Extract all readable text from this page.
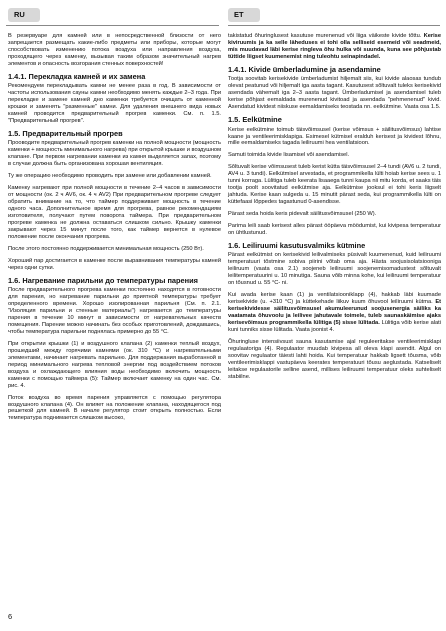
RU	ET

В резервуаре для камней или в непосредственной близости от него запрещается размещать какие-либо предметы или приборы, которые могут способствовать изменению потока воздуха или направления воздуха, проходящего через каменку, вызывая таким образом значительный нагрев элементов и опасность возгорания стенных поверхностей!

1.4.1. Перекладка камней и их замена

Рекомендуем перекладывать камни не менее раза в год. В зависимости от частоты использования сауны камни необходимо менять каждые 2–3 года. При перекладке и замене камней дно каменки требуется очищать от каменной крошки и заменять "разменные" камни. Для удаления внешнего вида новых камней проводится предварительный прогрев каменки. См. п. 1.5. "Предварительный прогрев".

1.5. Предварительный прогрев

Прооводите предварительный прогрев каменки на полной мощности (мощность каменки + мощность минимального нагрева) при открытой крышке и воздушном клапане. При первом нагревании каменки из камня выделяется запах, поэтому в случае должна быть организована хорошая вентиляция.

Ту же операцию необходимо проводить при замене или добавлении камней.

Каменку нагревают при полной мощности в течение 2–4 часов в зависимости от мощности (ок. 2 ч AV6, ок. 4 ч AV2) При предварительном прогреве следует обратить внимание на то, что таймер поддерживает мощность в течение одного часа. Дополнительное время для прогрева, равное рекомендациям изготовителя, получают путем поворота таймера. При предварительном прогреве каменка не должна оставаться слишком сильно. Крышку каменки закрывают через 15 минут после того, как таймер вернется в нулевое положение после окончания прогрева.

После этого постоянно поддерживается минимальная мощность (250 Вт).

Хороший пар достигается в каменке после выравнивания температуры камней через одни сутки.

1.6. Нагревание парильни до температуры парения

После предварительного прогрева каменки постоянно находятся в готовности для парения, но нагревание парильни до приятной температуры требует определенного времени. Хорошо изолированная парильня (См. п. 2.1. "Изоляция парильни и стенные материалы") нагревается до температуры парения в течение 10 минут в зависимости от нагревательных качеств помещения. Парение можно начинать без особых приготовлений, дождавшись, чтобы температура парильни поднялась примерно до 55 °C.

При открытии крышки (1) и воздушного клапана (2) каменки теплый воздух, прошедший между горячими камнями (ок. 310 °C) и нагревательными элементами, начинает нагревать парильню. Для поддержания выработанной в период минимального нагрева тепловой энергии под воздействием потоков воздуха и охлаждающего влияния воды необходимо включить мощность каменки с помощью таймера (5): Таймер включает каменку на один час. См. рис. 4.

Поток воздуха во время парения управляется с помощью регулятора воздушного клапана (4). Он влияет на положение клапана, находящегося под решеткой для камней. В начале регулятор стоит открыть полностью. Если температура поднимается слишком высоко,

takistatud õhuringlusest kasutuse murenenud või liiga väikeste kivide tõttu. Kerise kiviruumis ja ka selle läheduses ei tohi olla selliseid esemeid või seadmeid, mis muudavad läbi kerise ringleva õhu hulka või suunda, kuna see põhjustab tüttide liigset kuumenemist ning tuleohtu seinapindadel.

1.4.1. Kivide ümberladumine ja asendamine

Tootja soovitab kerisekivide ümberladumist hiljemalt siis, kui kivide alaosas tundub olevat peatunud või hiljemalt iga aasta tagant. Kasutusest sõltuvalt tuleks kerisekivid asendada vähemalt iga 2–3 aasta tagant. Ümberladumisel ja asendamisel tuleb kerise põhjast eemaldada murenenud kivitoad ja asendada "pehmenenud" kivid. Asendatud kividest niiskuse eemaldamiseks teostada nn. eelkütmine. Vaata osa 1.5.

1.5. Eelkütmine

Kerise eelkütmine toimub täisvõimsusel (kerise võimsus + säilitusvõimsus) lahtise kaane ja ventileerimisklapiga. Esimesel kütmisel eralduh kerisest ja kividest lõhnu, mille eemaldamiseks tagada leiliruumi hea ventilatsioon.

Samuti toimida kivide lisamisel või asendamisel.

Sõltuvalt kerise võimsusest tuleb kerist kütta täisvõimsusel 2–4 tundi (AV6 u. 2 tundi, AV4 u. 3 tundi). Eelkütmisel arvestada, et programmikella lülti hoiab kerise sees u. 1 tunni korraga. Lülitiga tuleb keerata lisaaega tunni kaupa nii mitu korda, et saaks täis tootja poolt soovitatud eelkütmise aja. Eelkütmise jooksul ei tohi keris liigselt jahtuda. Kerise kaan sulgeda u. 15 minutit pärast seda, kui programmikella lülti on küttefaasi lõppedes tagastunud 0-asendisse.

Pärast seda hoida keris pidevalt säilitusvõimsusel (250 W).

Parima leili saab kerisest alles pärast ööpäeva möödumist, kui kivipesa temperatuur on ühtlustunud.

1.6. Leiliruumi kasutusvalmiks kütmine

Pärast eelkütmist on kerisekivid leilivalmiseks püsivalt kuumenenud, kuid leiliruumi temperatuuri tõstmine sobiva piirini võtab oma aja. Hästa soojusisolatsiooniga leiliruum (vaata osa 2.1) soojeneb leiliruumi soojenemisomadustest sõltuvalt leilitemperatuurini u. 10 minutiga. Sauna võib minna kohe, kui leiliruumi temperatuur on tõusnud u. 55 °C- ni.

Kui avada kerise kaan (1) ja ventilatsiooniklapp (4), hakkab läbi kuumade kerisekivide (u. +310 °C) ja küttekehade liikuv kuum õhuvool leiliruumi kütma. Et kerisekividesse säilitusvõimsusel akumuleerunud soojusenergia säiliks ka vaatamata õhuvoolu ja leilivee jahutavale toimele, tuleb saunaskäimise ajaks kerisevõimsus programmikella lülitiga (5) sisse lülitada. Lülitiga võib kerise alati kuni tunniks sisse lülitada. Vaata joonist 4.

Õhuringluse intensiivsust sauna kasutamise ajal reguleeritakse ventileerimisklapi regulaatoriga (4). Regulaator muudab kivipesa all oleva klapi asendit. Algul on soovitav regulaator täiesti lahti hoida. Kui temperatuur hakkab ligsett tõusma, võib ventileerimisklappi vastupäeva keerates temperatuuri tõusu aeglustada. Katseliselt leitakse regulaatorile selline asend, millises leiliruumi temperatuur oleks suhteliselt stabiilne.

6
